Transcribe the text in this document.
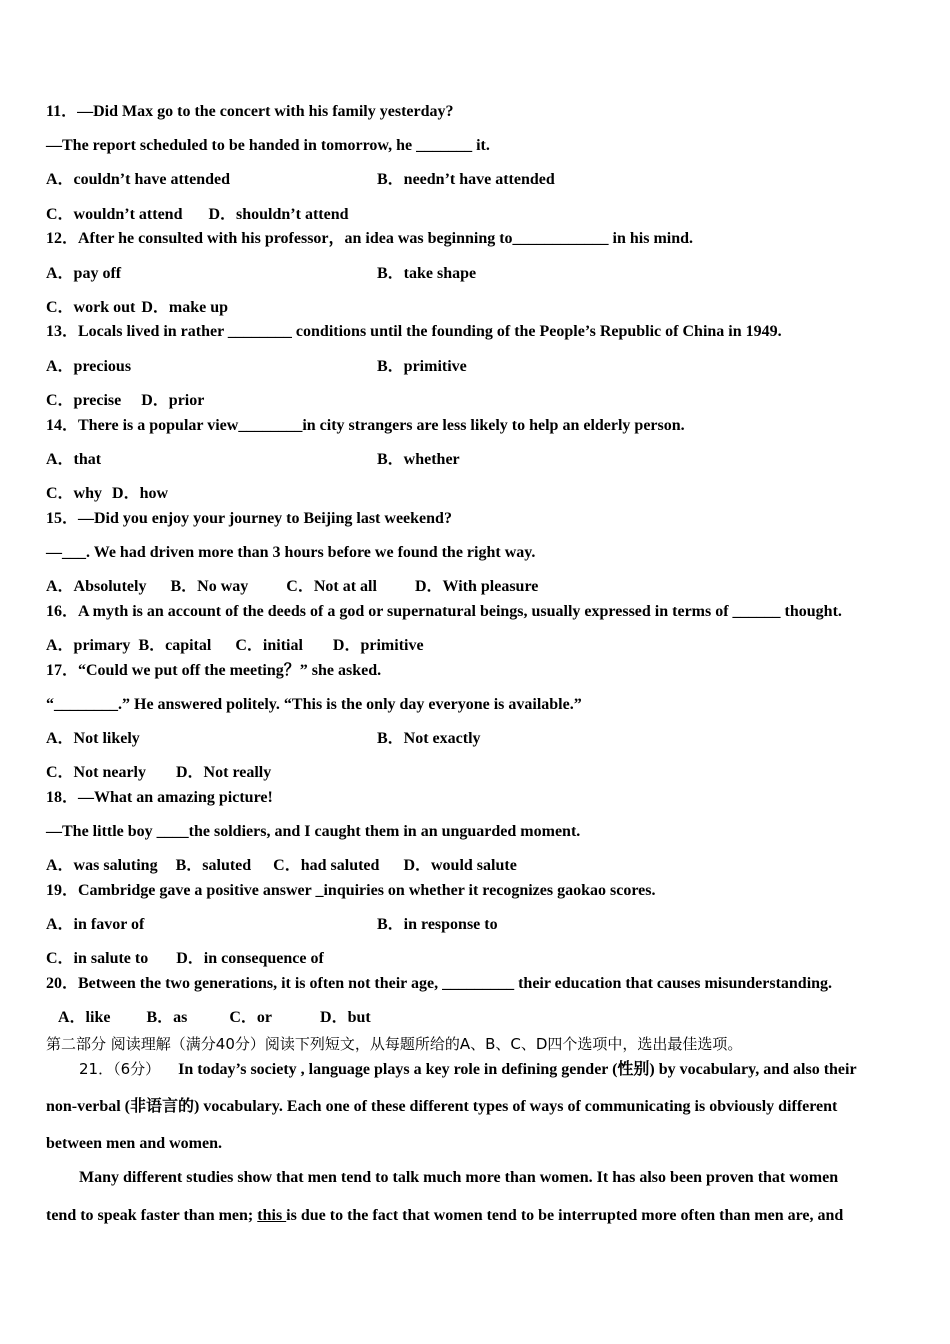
11．—Did Max go to the concert with his family yesterday?
—The report scheduled to be handed in tomorrow, he _______ it.
A．couldn’t have attended	B．needn’t have attended
C．wouldn’t attend D．shouldn’t attend
12．After he consulted with his professor，an idea was beginning to____________ in his mind.
A．pay off	B．take shape
C．work out D．make up
13．Locals lived in rather ________ conditions until the founding of the People’s Republic of China in 1949.
A．precious	B．primitive
C．precise D．prior
14．There is a popular view________in city strangers are less likely to help an elderly person.
A．that	B．whether
C．why D．how
15．—Did you enjoy your journey to Beijing last weekend?
—___. We had driven more than 3 hours before we found the right way.
A．Absolutely B．No way C．Not at all D．With pleasure
16．A myth is an account of the deeds of a god or supernatural beings, usually expressed in terms of ______ thought.
A．primary B．capital C．initial D．primitive
17．“Could we put off the meeting？” she asked.
“________.” He answered politely. “This is the only day everyone is available.”
A．Not likely	B．Not exactly
C．Not nearly D．Not really
18．—What an amazing picture!
—The little boy ____the soldiers, and I caught them in an unguarded moment.
A．was saluting B．saluted C．had saluted D．would salute
19．Cambridge gave a positive answer _inquiries on whether it recognizes gaokao scores.
A．in favor of	B．in response to
C．in salute to D．in consequence of
20．Between the two generations, it is often not their age, _________ their education that causes misunderstanding.
A．like B．as	C．or	D．but
第二部分 阅读理解（满分40分）阅读下列短文，从每题所给的A、B、C、D四个选项中，选出最佳选项。
21．（6分） In today’s society , language plays a key role in defining gender (性别) by vocabulary, and also their
non-verbal (非语言的) vocabulary. Each one of these different types of ways of communicating is obviously different
between men and women.
Many different studies show that men tend to talk much more than women. It has also been proven that women
tend to speak faster than men; this is due to the fact that women tend to be interrupted more often than men are, and
